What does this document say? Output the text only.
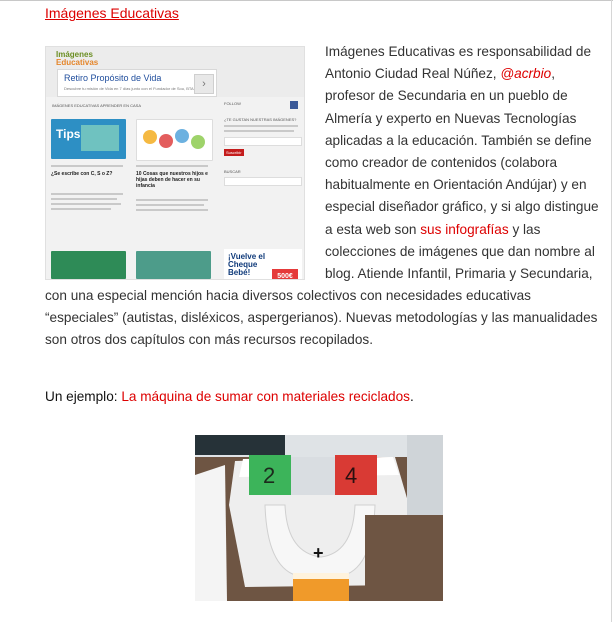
Imágenes Educativas
Imágenes
Educativas
Retiro Propósito de Vida
Descubre tu misión de Vida en 7 días junto con el Fundador de Sou, BTA ›
IMÁGENES EDUCATIVAS APRENDER EN CASA
Tips
¿Se escribe con C, S o Z?	10 Cosas que nuestros hijos e hijas deben de hacer en su infancia
FOLLOW
¿TE GUSTAN NUESTRAS IMÁGENES?
Suscribir
BUSCAR
¡Vuelve el Cheque Bebé!	500€
Imágenes Educativas es responsabilidad de Antonio Ciudad Real Núñez, @acrbio, profesor de Secundaria en un pueblo de Almería y experto en Nuevas Tecnologías aplicadas a la educación. También se define como creador de contenidos (colabora habitualmente en Orientación Andújar) y en especial diseñador gráfico, y si algo distingue a esta web son sus infografías y las colecciones de imágenes que dan nombre al blog. Atiende Infantil, Primaria y Secundaria,
con una especial mención hacia diversos colectivos con necesidades educativas “especiales” (autistas, disléxicos, aspergerianos). Nuevas metodologías y las manualidades son otros dos capítulos con más recursos recopilados.
Un ejemplo: La máquina de sumar con materiales reciclados.
2	4
+
